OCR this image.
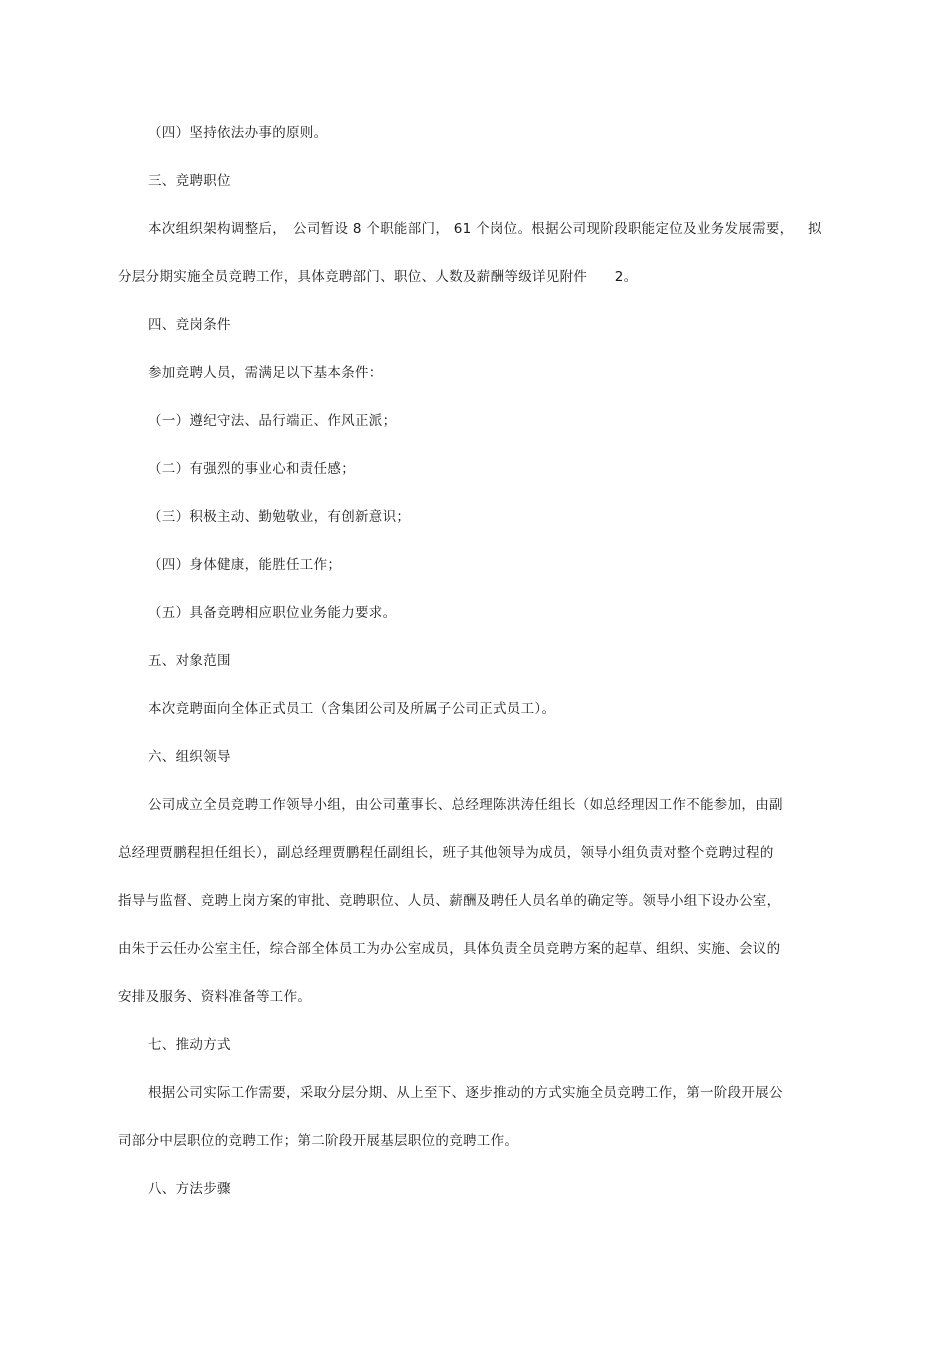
（四）坚持依法办事的原则。
三、竞聘职位
本次组织架构调整后，　公司暂设 8 个职能部门， 61 个岗位。根据公司现阶段职能定位及业务发展需要， 拟
分层分期实施全员竞聘工作，具体竞聘部门、职位、人数及薪酬等级详见附件　　2。
四、竞岗条件
参加竞聘人员，需满足以下基本条件：
（一）遵纪守法、品行端正、作风正派；
（二）有强烈的事业心和责任感；
（三）积极主动、勤勉敬业，有创新意识；
（四）身体健康，能胜任工作；
（五）具备竞聘相应职位业务能力要求。
五、对象范围
本次竞聘面向全体正式员工（含集团公司及所属子公司正式员工）。
六、组织领导
公司成立全员竞聘工作领导小组，由公司董事长、总经理陈洪涛任组长（如总经理因工作不能参加，由副
总经理贾鹏程担任组长），副总经理贾鹏程任副组长，班子其他领导为成员，领导小组负责对整个竞聘过程的
指导与监督、竞聘上岗方案的审批、竞聘职位、人员、薪酬及聘任人员名单的确定等。领导小组下设办公室，
由朱于云任办公室主任，综合部全体员工为办公室成员，具体负责全员竞聘方案的起草、组织、实施、会议的
安排及服务、资料准备等工作。
七、推动方式
根据公司实际工作需要，采取分层分期、从上至下、逐步推动的方式实施全员竞聘工作，第一阶段开展公
司部分中层职位的竞聘工作；第二阶段开展基层职位的竞聘工作。
八、方法步骤
